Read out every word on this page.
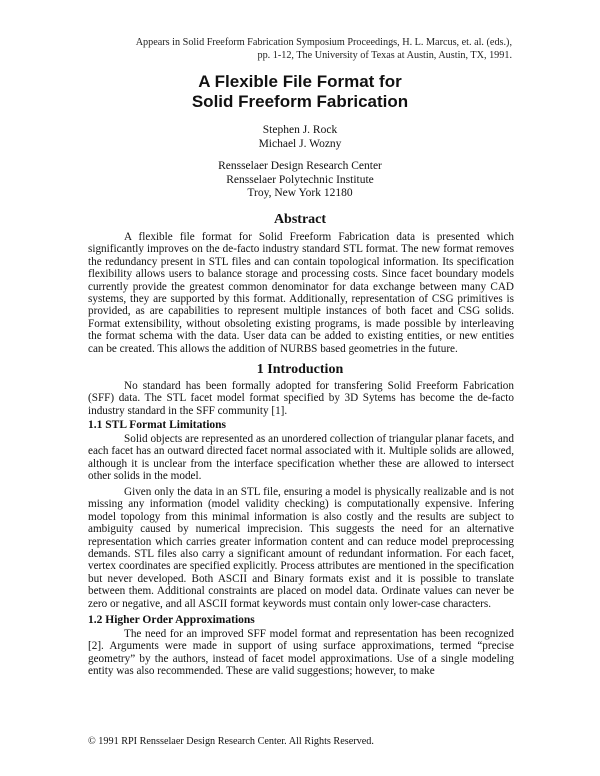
Appears in Solid Freeform Fabrication Symposium Proceedings, H. L. Marcus, et. al. (eds.),
pp. 1-12, The University of Texas at Austin, Austin, TX, 1991.
A Flexible File Format for
Solid Freeform Fabrication
Stephen J. Rock
Michael J. Wozny
Rensselaer Design Research Center
Rensselaer Polytechnic Institute
Troy, New York 12180
Abstract

A flexible file format for Solid Freeform Fabrication data is presented which significantly improves on the de-facto industry standard STL format. The new format removes the redundancy present in STL files and can contain topological information. Its specification flexibility allows users to balance storage and processing costs. Since facet boundary models currently provide the greatest common denominator for data exchange between many CAD systems, they are supported by this format. Additionally, representation of CSG primitives is provided, as are capabilities to represent multiple instances of both facet and CSG solids. Format extensibility, without obsoleting existing programs, is made possible by interleaving the format schema with the data. User data can be added to existing entities, or new entities can be created. This allows the addition of NURBS based geometries in the future.

1 Introduction

No standard has been formally adopted for transfering Solid Freeform Fabrication (SFF) data. The STL facet model format specified by 3D Sytems has become the de-facto industry standard in the SFF community [1].

1.1 STL Format Limitations

Solid objects are represented as an unordered collection of triangular planar facets, and each facet has an outward directed facet normal associated with it. Multiple solids are allowed, although it is unclear from the interface specification whether these are allowed to intersect other solids in the model.

Given only the data in an STL file, ensuring a model is physically realizable and is not missing any information (model validity checking) is computationally expensive. Infering model topology from this minimal information is also costly and the results are subject to ambiguity caused by numerical imprecision. This suggests the need for an alternative representation which carries greater information content and can reduce model preprocessing demands. STL files also carry a significant amount of redundant information. For each facet, vertex coordinates are specified explicitly. Process attributes are mentioned in the specification but never developed. Both ASCII and Binary formats exist and it is possible to translate between them. Additional constraints are placed on model data. Ordinate values can never be zero or negative, and all ASCII format keywords must contain only lower-case characters.

1.2 Higher Order Approximations

The need for an improved SFF model format and representation has been recognized [2]. Arguments were made in support of using surface approximations, termed “precise geometry” by the authors, instead of facet model approximations. Use of a single modeling entity was also recommended. These are valid suggestions; however, to make

© 1991 RPI Rensselaer Design Research Center. All Rights Reserved.
